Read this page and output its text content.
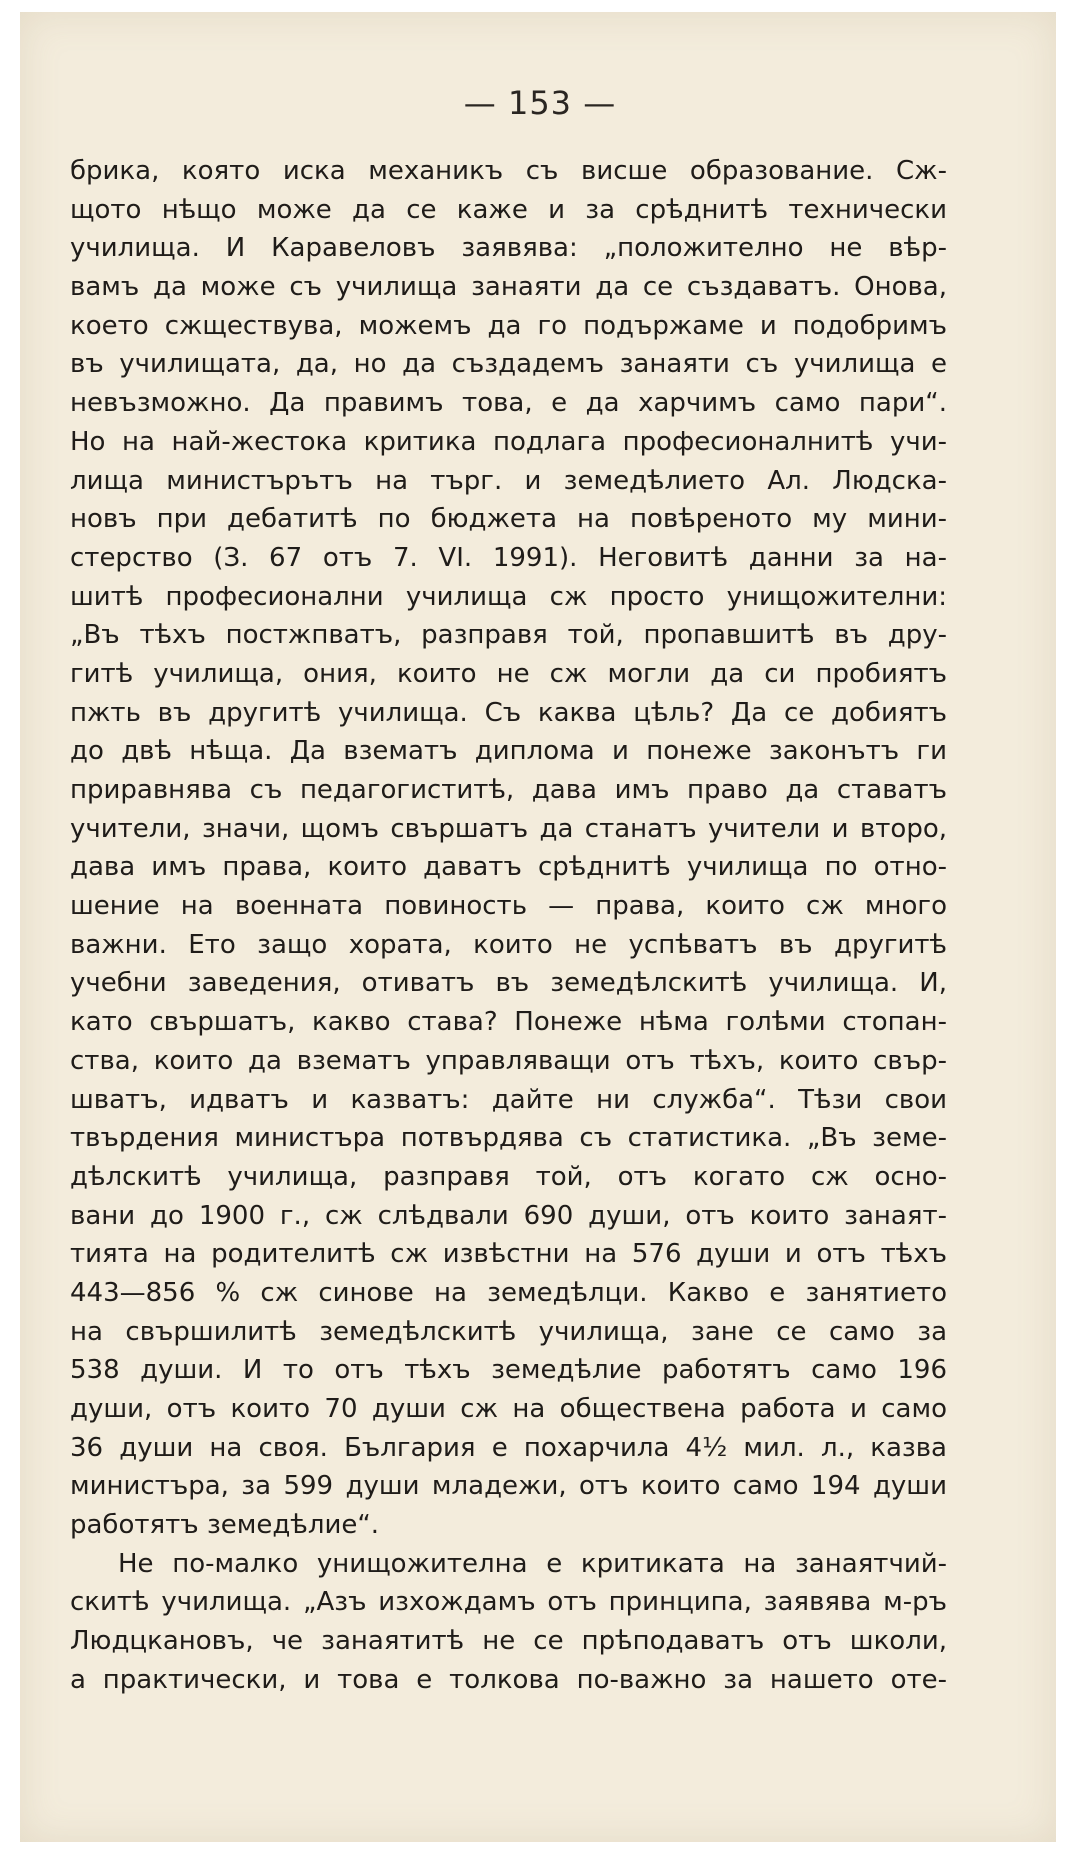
— 153 —
брика, която иска механикъ съ висше образование. Сж-
щото нѣщо може да се каже и за срѣднитѣ технически
училища. И Каравеловъ заявява: „положително не вѣр-
вамъ да може съ училища занаяти да се създаватъ. Онова,
което сжществува, можемъ да го подържаме и подобримъ
въ училищата, да, но да създадемъ занаяти съ училища е
невъзможно. Да правимъ това, е да харчимъ само пари“.
Но на най-жестока критика подлага професионалнитѣ учи-
лища министърътъ на търг. и земедѣлието Ал. Людска-
новъ при дебатитѣ по бюджета на повѣреното му мини-
стерство (З. 67 отъ 7. VI. 1991). Неговитѣ данни за на-
шитѣ професионални училища сж просто унищожителни:
„Въ тѣхъ постжпватъ, разправя той, пропавшитѣ въ дру-
гитѣ училища, ония, които не сж могли да си пробиятъ
пжть въ другитѣ училища. Съ каква цѣль? Да се добиятъ
до двѣ нѣща. Да взематъ диплома и понеже законътъ ги
приравнява съ педагогиститѣ, дава имъ право да ставатъ
учители, значи, щомъ свършатъ да станатъ учители и второ,
дава имъ права, които даватъ срѣднитѣ училища по отно-
шение на военната повиность — права, които сж много
важни. Ето защо хората, които не успѣватъ въ другитѣ
учебни заведения, отиватъ въ земедѣлскитѣ училища. И,
като свършатъ, какво става? Понеже нѣма голѣми стопан-
ства, които да взематъ управляващи отъ тѣхъ, които свър-
шватъ, идватъ и казватъ: дайте ни служба“. Тѣзи свои
твърдения министъра потвърдява съ статистика. „Въ земе-
дѣлскитѣ училища, разправя той, отъ когато сж осно-
вани до 1900 г., сж слѣдвали 690 души, отъ които занаят-
тията на родителитѣ сж извѣстни на 576 души и отъ тѣхъ
443—856 % сж синове на земедѣлци. Какво е занятието
на свършилитѣ земедѣлскитѣ училища, зане се само за
538 души. И то отъ тѣхъ земедѣлие работятъ само 196
души, отъ които 70 души сж на обществена работа и само
36 души на своя. България е похарчила 4½ мил. л., казва
министъра, за 599 души младежи, отъ които само 194 души
работятъ земедѣлие“.
Не по-малко унищожителна е критиката на занаятчий-
скитѣ училища. „Азъ изхождамъ отъ принципа, заявява м-ръ
Людцкановъ, че занаятитѣ не се прѣподаватъ отъ школи,
а практически, и това е толкова по-важно за нашето оте-
